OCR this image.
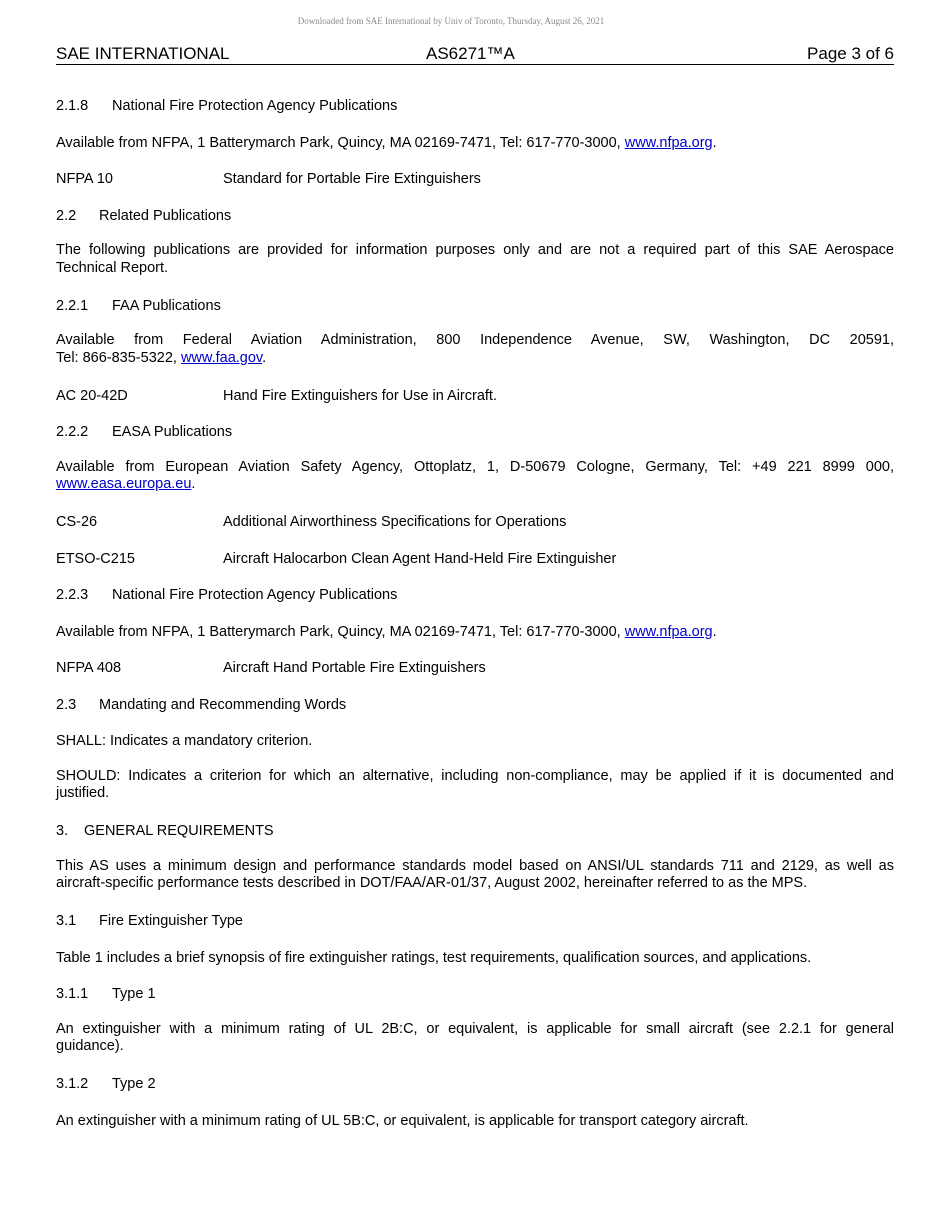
Downloaded from SAE International by Univ of Toronto, Thursday, August 26, 2021
SAE INTERNATIONAL	AS6271™A	Page 3 of 6
2.1.8 National Fire Protection Agency Publications
Available from NFPA, 1 Batterymarch Park, Quincy, MA 02169-7471, Tel: 617-770-3000, www.nfpa.org.
NFPA 10	Standard for Portable Fire Extinguishers
2.2 Related Publications
The following publications are provided for information purposes only and are not a required part of this SAE Aerospace
Technical Report.
2.2.1 FAA Publications
Available from Federal Aviation Administration, 800 Independence Avenue, SW, Washington, DC 20591,
Tel: 866-835-5322, www.faa.gov.
AC 20-42D	Hand Fire Extinguishers for Use in Aircraft.
2.2.2 EASA Publications
Available from European Aviation Safety Agency, Ottoplatz, 1, D-50679 Cologne, Germany, Tel: +49 221 8999 000,
www.easa.europa.eu.
CS-26	Additional Airworthiness Specifications for Operations
ETSO-C215	Aircraft Halocarbon Clean Agent Hand-Held Fire Extinguisher
2.2.3 National Fire Protection Agency Publications
Available from NFPA, 1 Batterymarch Park, Quincy, MA 02169-7471, Tel: 617-770-3000, www.nfpa.org.
NFPA 408	Aircraft Hand Portable Fire Extinguishers
2.3 Mandating and Recommending Words
SHALL: Indicates a mandatory criterion.
SHOULD: Indicates a criterion for which an alternative, including non-compliance, may be applied if it is documented and
justified.
3. GENERAL REQUIREMENTS
This AS uses a minimum design and performance standards model based on ANSI/UL standards 711 and 2129, as well as
aircraft-specific performance tests described in DOT/FAA/AR-01/37, August 2002, hereinafter referred to as the MPS.
3.1 Fire Extinguisher Type
Table 1 includes a brief synopsis of fire extinguisher ratings, test requirements, qualification sources, and applications.
3.1.1 Type 1
An extinguisher with a minimum rating of UL 2B:C, or equivalent, is applicable for small aircraft (see 2.2.1 for general
guidance).
3.1.2 Type 2
An extinguisher with a minimum rating of UL 5B:C, or equivalent, is applicable for transport category aircraft.
